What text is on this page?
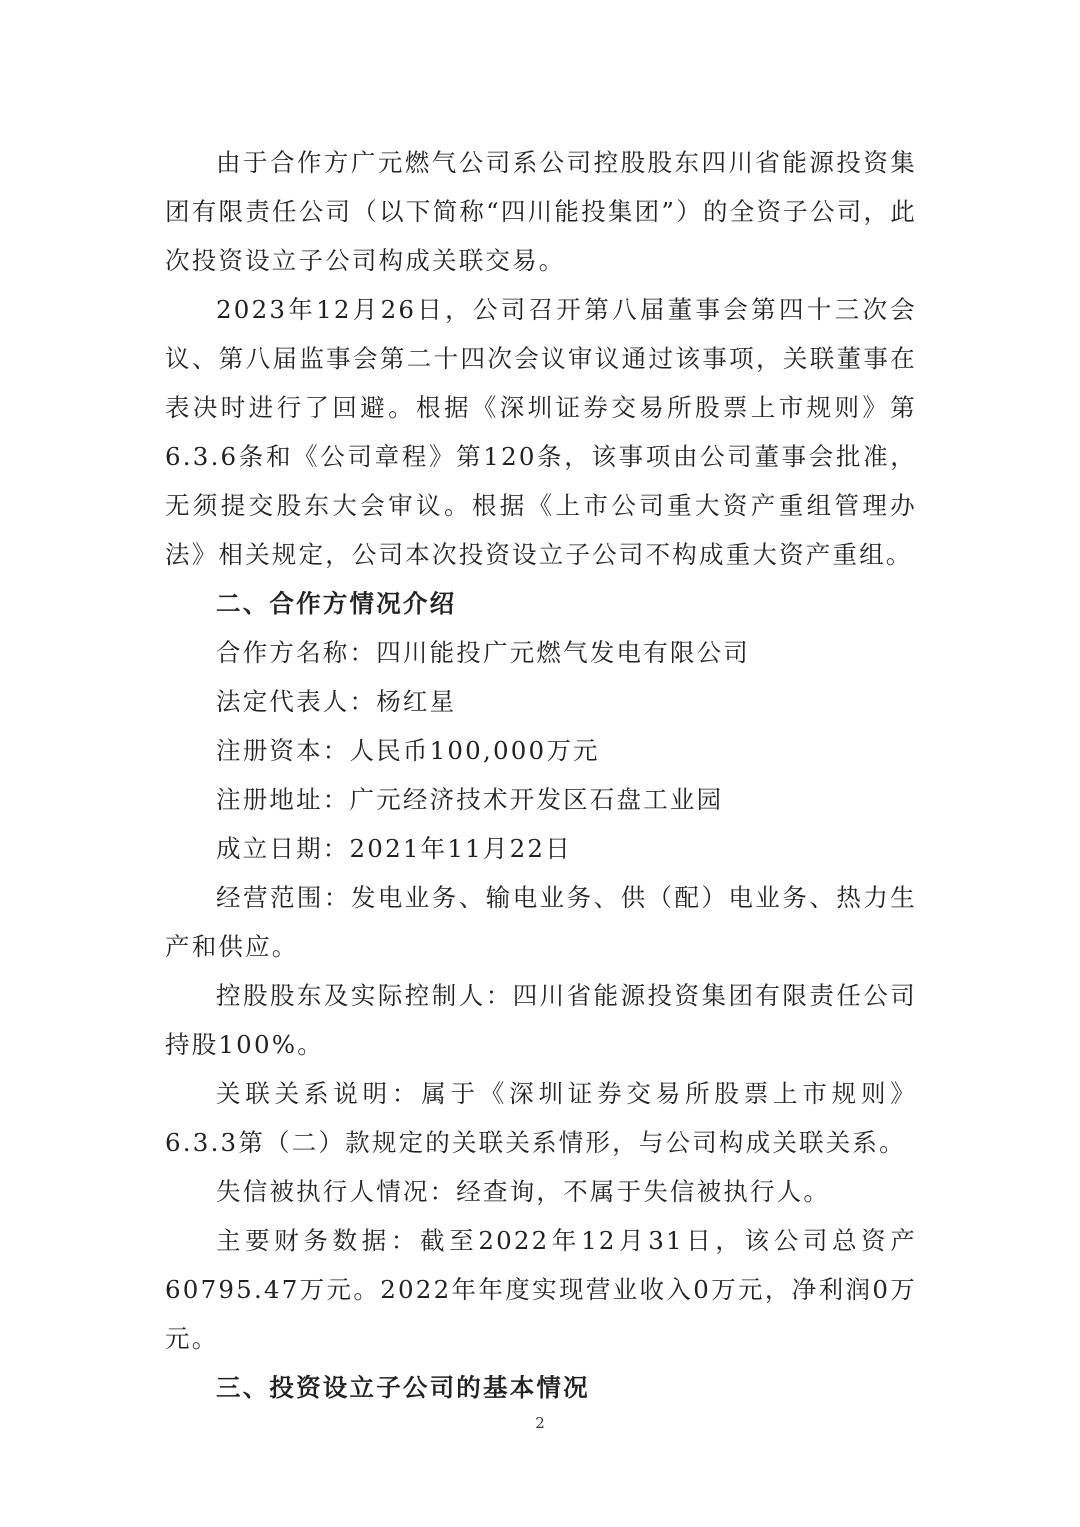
由于合作方广元燃气公司系公司控股股东四川省能源投资集团有限责任公司（以下简称“四川能投集团”）的全资子公司，此次投资设立子公司构成关联交易。

2023年12月26日，公司召开第八届董事会第四十三次会议、第八届监事会第二十四次会议审议通过该事项，关联董事在表决时进行了回避。根据《深圳证券交易所股票上市规则》第6.3.6条和《公司章程》第120条，该事项由公司董事会批准，无须提交股东大会审议。根据《上市公司重大资产重组管理办法》相关规定，公司本次投资设立子公司不构成重大资产重组。

二、合作方情况介绍

合作方名称：四川能投广元燃气发电有限公司

法定代表人：杨红星

注册资本：人民币100,000万元

注册地址：广元经济技术开发区石盘工业园

成立日期：2021年11月22日

经营范围：发电业务、输电业务、供（配）电业务、热力生产和供应。

控股股东及实际控制人：四川省能源投资集团有限责任公司持股100%。

关联关系说明：属于《深圳证券交易所股票上市规则》6.3.3第（二）款规定的关联关系情形，与公司构成关联关系。

失信被执行人情况：经查询，不属于失信被执行人。

主要财务数据：截至2022年12月31日，该公司总资产60795.47万元。2022年年度实现营业收入0万元，净利润0万元。

三、投资设立子公司的基本情况

2
